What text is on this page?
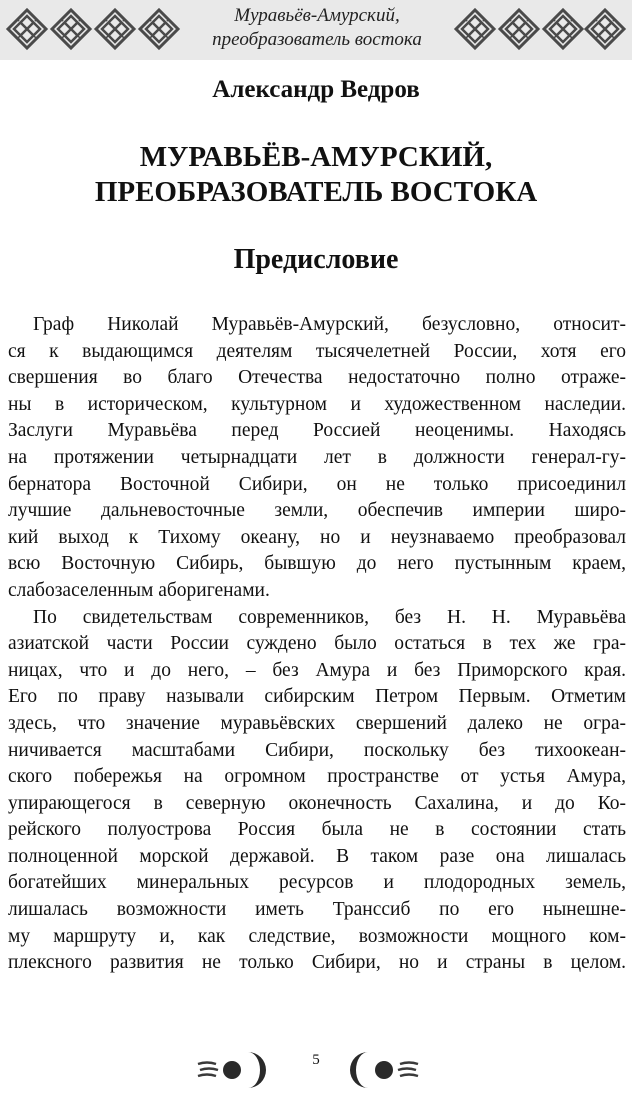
Муравьёв-Амурский,
преобразователь востока
Александр Ведров
МУРАВЬЁВ-АМУРСКИЙ,
ПРЕОБРАЗОВАТЕЛЬ ВОСТОКА
Предисловие
Граф Николай Муравьёв-Амурский, безусловно, относит-
ся к выдающимся деятелям тысячелетней России, хотя его
свершения во благо Отечества недостаточно полно отраже-
ны в историческом, культурном и художественном наследии.
Заслуги Муравьёва перед Россией неоценимы. Находясь
на протяжении четырнадцати лет в должности генерал-гу-
бернатора Восточной Сибири, он не только присоединил
лучшие дальневосточные земли, обеспечив империи широ-
кий выход к Тихому океану, но и неузнаваемо преобразовал
всю Восточную Сибирь, бывшую до него пустынным краем,
слабозаселенным аборигенами.
По свидетельствам современников, без Н. Н. Муравьёва
азиатской части России суждено было остаться в тех же гра-
ницах, что и до него, – без Амура и без Приморского края.
Его по праву называли сибирским Петром Первым. Отметим
здесь, что значение муравьёвских свершений далеко не огра-
ничивается масштабами Сибири, поскольку без тихоокеан-
ского побережья на огромном пространстве от устья Амура,
упирающегося в северную оконечность Сахалина, и до Ко-
рейского полуострова Россия была не в состоянии стать
полноценной морской державой. В таком разе она лишалась
богатейших минеральных ресурсов и плодородных земель,
лишалась возможности иметь Транссиб по его нынешне-
му маршруту и, как следствие, возможности мощного ком-
плексного развития не только Сибири, но и страны в целом.
5
